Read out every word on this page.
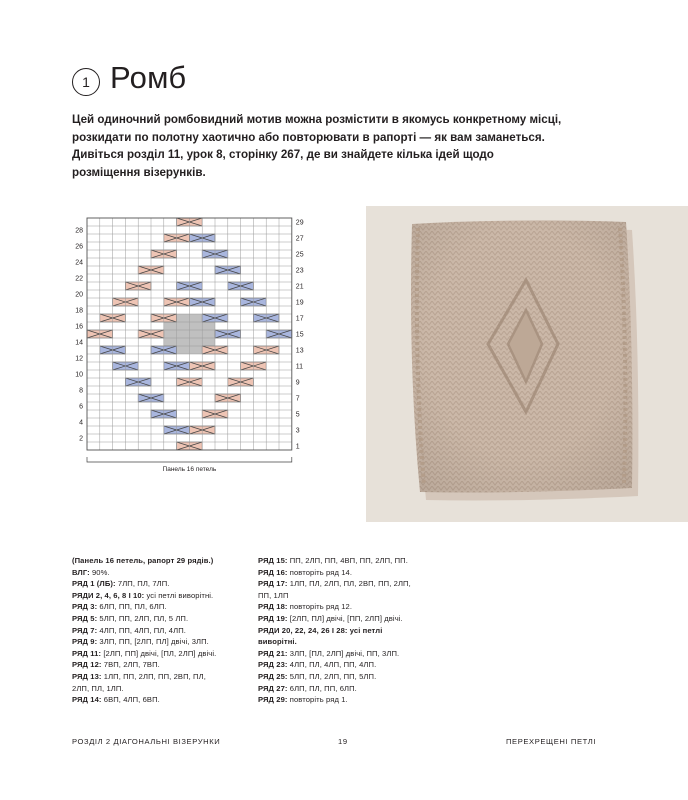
1 Ромб

Цей одиночний ромбовидний мотив можна розмістити в якомусь конкретному місці,

розкидати по полотну хаотично або повторювати в рапорті — як вам заманеться.

Дивіться розділ 11, урок 8, сторінку 267, де ви знайдете кілька ідей щодо

розміщення візерунків.

1
3
5
7
9
11
13
15
17
19
21
23
25
27
29
2
4
6
8
10
12
14
16
18
20
22
24
26
28
Панель 16 петель
(Панель 16 петель, рапорт 29 рядів.)
ВЛГ: 90%.
РЯД 1 (ЛБ): 7ЛП, ПЛ, 7ЛП.
РЯДИ 2, 4, 6, 8 І 10: усі петлі виворітні.
РЯД 3: 6ЛП, ПП, ПЛ, 6ЛП.
РЯД 5: 5ЛП, ПП, 2ЛП, ПЛ, 5 ЛП.
РЯД 7: 4ЛП, ПП, 4ЛП, ПЛ, 4ЛП.
РЯД 9: 3ЛП, ПП, [2ЛП, ПЛ] двічі, 3ЛП.
РЯД 11: [2ЛП, ПП] двічі, [ПЛ, 2ЛП] двічі.
РЯД 12: 7ВП, 2ЛП, 7ВП.
РЯД 13: 1ЛП, ПП, 2ЛП, ПП, 2ВП, ПЛ,
2ЛП, ПЛ, 1ЛП.
РЯД 14: 6ВП, 4ЛП, 6ВП.
РЯД 15: ПП, 2ЛП, ПП, 4ВП, ПП, 2ЛП, ПП.
РЯД 16: повторіть ряд 14.
РЯД 17: 1ЛП, ПЛ, 2ЛП, ПЛ, 2ВП, ПП, 2ЛП,
ПП, 1ЛП
РЯД 18: повторіть ряд 12.
РЯД 19: [2ЛП, ПЛ] двічі, [ПП, 2ЛП] двічі.
РЯДИ 20, 22, 24, 26 І 28: усі петлі
виворітні.
РЯД 21: 3ЛП, [ПЛ, 2ЛП] двічі, ПП, 3ЛП.
РЯД 23: 4ЛП, ПЛ, 4ЛП, ПП, 4ЛП.
РЯД 25: 5ЛП, ПЛ, 2ЛП, ПП, 5ЛП.
РЯД 27: 6ЛП, ПЛ, ПП, 6ЛП.
РЯД 29: повторіть ряд 1.
РОЗДІЛ 2 ДІАГОНАЛЬНІ ВІЗЕРУНКИ	19	ПЕРЕХРЕЩЕНІ ПЕТЛІ
